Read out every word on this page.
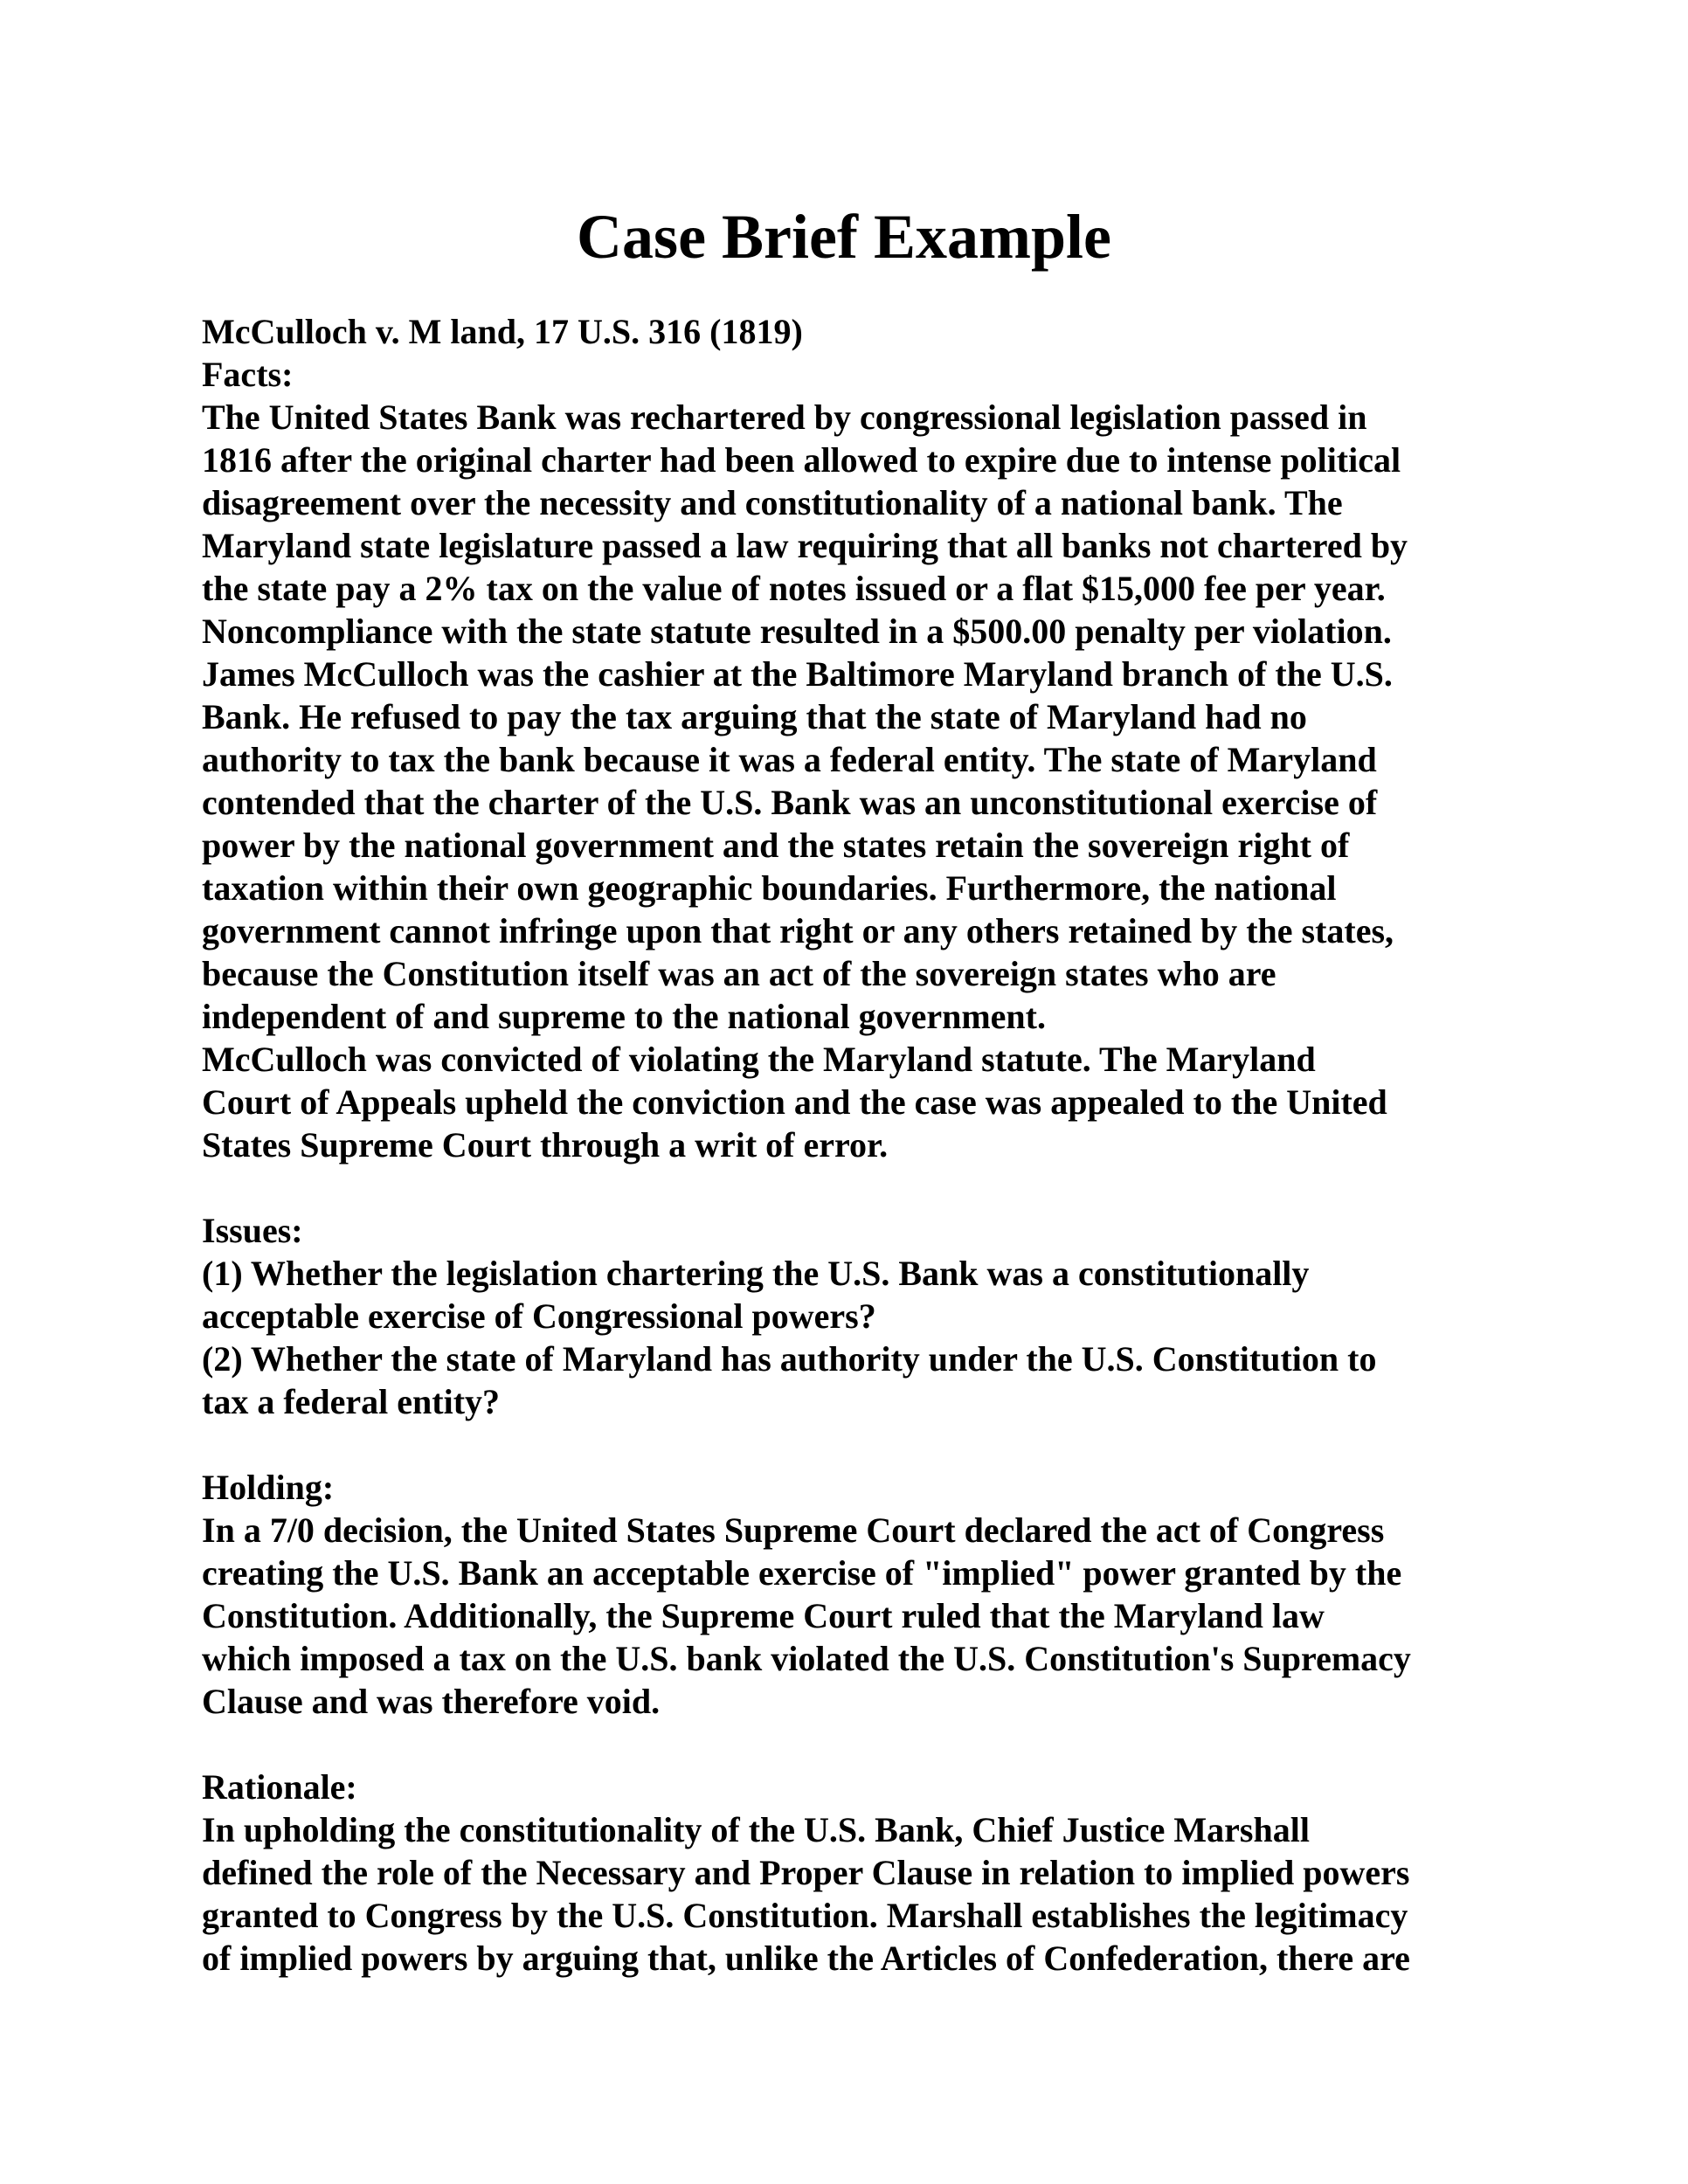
Case Brief Example
McCulloch v. M land, 17 U.S. 316 (1819)
Facts:
The United States Bank was rechartered by congressional legislation passed in
1816 after the original charter had been allowed to expire due to intense political
disagreement over the necessity and constitutionality of a national bank. The
Maryland state legislature passed a law requiring that all banks not chartered by
the state pay a 2% tax on the value of notes issued or a flat $15,000 fee per year.
Noncompliance with the state statute resulted in a $500.00 penalty per violation.
James McCulloch was the cashier at the Baltimore Maryland branch of the U.S.
Bank. He refused to pay the tax arguing that the state of Maryland had no
authority to tax the bank because it was a federal entity. The state of Maryland
contended that the charter of the U.S. Bank was an unconstitutional exercise of
power by the national government and the states retain the sovereign right of
taxation within their own geographic boundaries. Furthermore, the national
government cannot infringe upon that right or any others retained by the states,
because the Constitution itself was an act of the sovereign states who are
independent of and supreme to the national government.
McCulloch was convicted of violating the Maryland statute. The Maryland
Court of Appeals upheld the conviction and the case was appealed to the United
States Supreme Court through a writ of error.
Issues:
(1) Whether the legislation chartering the U.S. Bank was a constitutionally
acceptable exercise of Congressional powers?
(2) Whether the state of Maryland has authority under the U.S. Constitution to
tax a federal entity?
Holding:
In a 7/0 decision, the United States Supreme Court declared the act of Congress
creating the U.S. Bank an acceptable exercise of "implied" power granted by the
Constitution. Additionally, the Supreme Court ruled that the Maryland law
which imposed a tax on the U.S. bank violated the U.S. Constitution's Supremacy
Clause and was therefore void.
Rationale:
In upholding the constitutionality of the U.S. Bank, Chief Justice Marshall
defined the role of the Necessary and Proper Clause in relation to implied powers
granted to Congress by the U.S. Constitution. Marshall establishes the legitimacy
of implied powers by arguing that, unlike the Articles of Confederation, there are
